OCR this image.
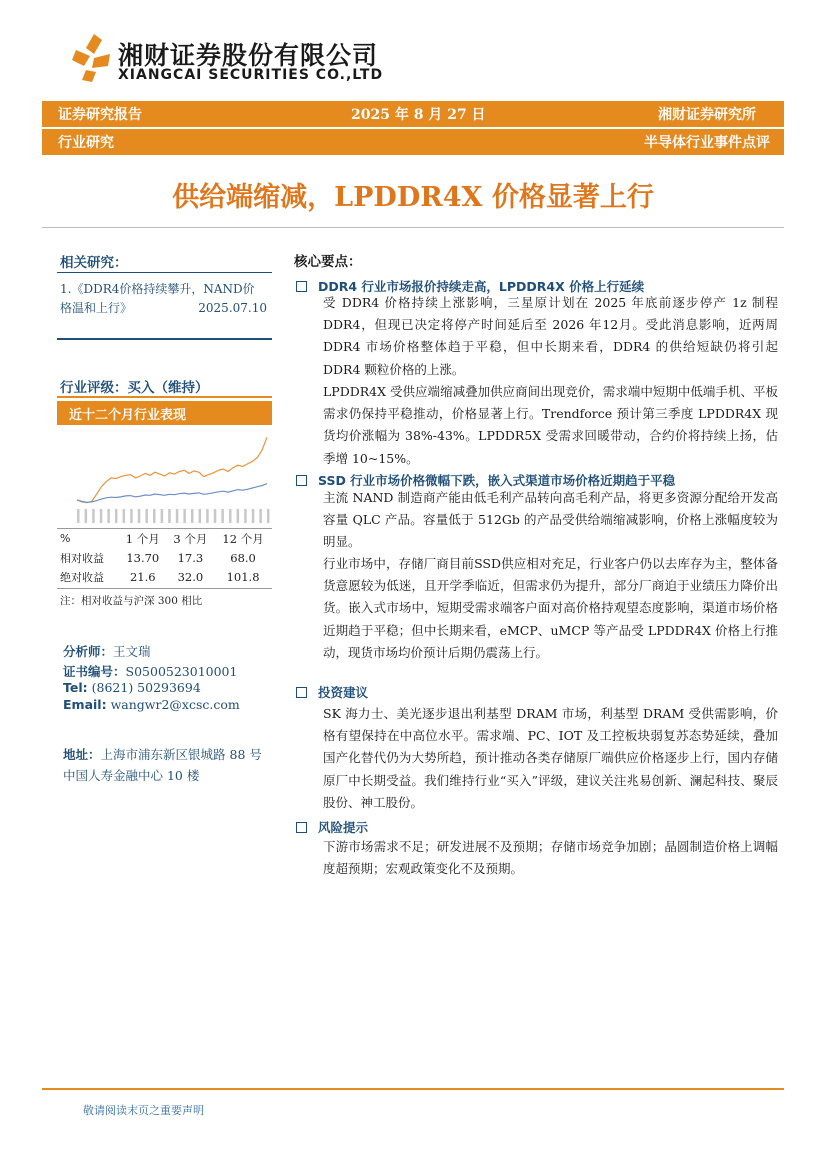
湘财证券股份有限公司
XIANGCAI SECURITIES CO.,LTD
证券研究报告	2025 年 8 月 27 日	湘财证券研究所
行业研究	半导体行业事件点评
供给端缩减，LPDDR4X 价格显著上行
相关研究：
1.《DDR4价格持续攀升，NAND价
格温和上行》	2025.07.10
行业评级：买入（维持）
近十二个月行业表现
%	1 个月	3 个月	12 个月
相对收益	13.70	17.3	68.0
绝对收益	21.6	32.0	101.8
注：相对收益与沪深 300 相比
分析师：王文瑞
证书编号：S0500523010001
Tel: (8621) 50293694
Email: wangwr2@xcsc.com
地址：上海市浦东新区银城路 88 号
中国人寿金融中心 10 楼
核心要点：
DDR4 行业市场报价持续走高，LPDDR4X 价格上行延续
受 DDR4 价格持续上涨影响，三星原计划在 2025 年底前逐步停产 1z 制程DDR4，但现已决定将停产时间延后至 2026 年12月。受此消息影响，近两周 DDR4 市场价格整体趋于平稳，但中长期来看，DDR4 的供给短缺仍将引起 DDR4 颗粒价格的上涨。
LPDDR4X 受供应端缩减叠加供应商间出现竞价，需求端中短期中低端手机、平板需求仍保持平稳推动，价格显著上行。Trendforce 预计第三季度 LPDDR4X 现货均价涨幅为 38%-43%。LPDDR5X 受需求回暖带动，合约价将持续上扬，估季增 10~15%。
SSD 行业市场价格微幅下跌，嵌入式渠道市场价格近期趋于平稳
主流 NAND 制造商产能由低毛利产品转向高毛利产品，将更多资源分配给开发高容量 QLC 产品。容量低于 512Gb 的产品受供给端缩减影响，价格上涨幅度较为明显。
行业市场中，存储厂商目前SSD供应相对充足，行业客户仍以去库存为主，整体备货意愿较为低迷，且开学季临近，但需求仍为提升，部分厂商迫于业绩压力降价出货。嵌入式市场中，短期受需求端客户面对高价格持观望态度影响，渠道市场价格近期趋于平稳；但中长期来看，eMCP、uMCP 等产品受 LPDDR4X 价格上行推动，现货市场均价预计后期仍震荡上行。
投资建议
SK 海力士、美光逐步退出利基型 DRAM 市场，利基型 DRAM 受供需影响，价格有望保持在中高位水平。需求端、PC、IOT 及工控板块弱复苏态势延续，叠加国产化替代仍为大势所趋，预计推动各类存储原厂端供应价格逐步上行，国内存储原厂中长期受益。我们维持行业“买入”评级，建议关注兆易创新、澜起科技、聚辰股份、神工股份。
风险提示
下游市场需求不足；研发进展不及预期；存储市场竞争加剧；晶圆制造价格上调幅度超预期；宏观政策变化不及预期。
敬请阅读末页之重要声明
